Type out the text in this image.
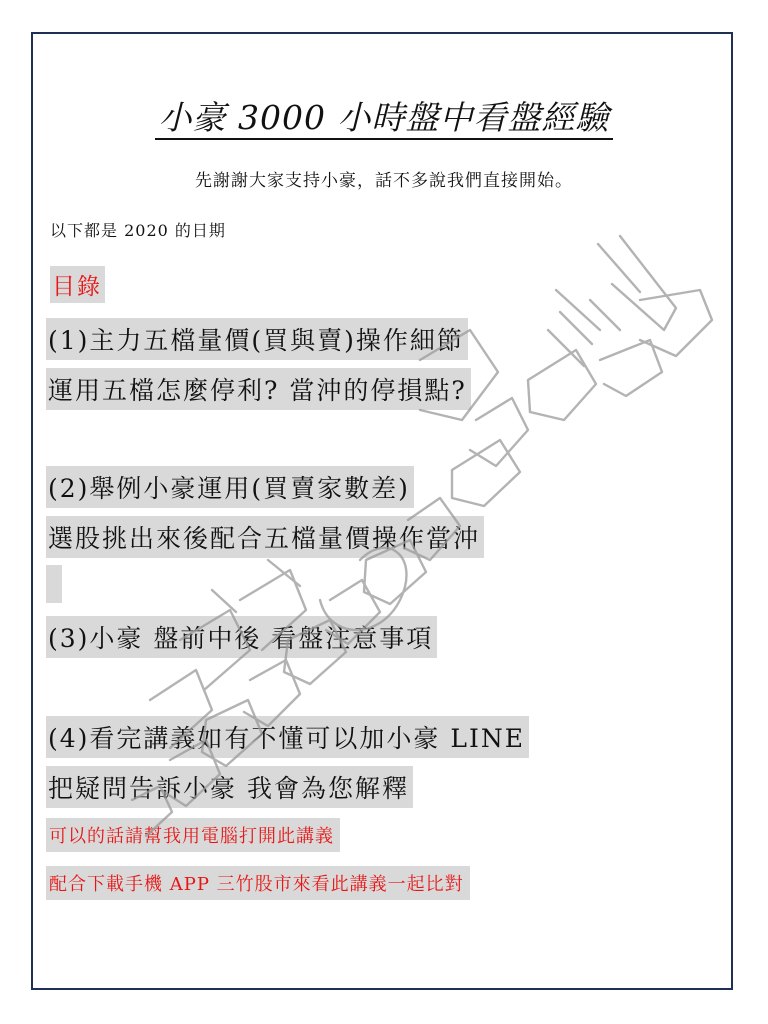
小豪 3000 小時盤中看盤經驗
先謝謝大家支持小豪，話不多說我們直接開始。
以下都是 2020 的日期
目錄
(1)主力五檔量價(買與賣)操作細節
運用五檔怎麼停利? 當沖的停損點?
(2)舉例小豪運用(買賣家數差)
選股挑出來後配合五檔量價操作當沖
(3)小豪 盤前中後 看盤注意事項
(4)看完講義如有不懂可以加小豪 LINE
把疑問告訴小豪 我會為您解釋
可以的話請幫我用電腦打開此講義
配合下載手機 APP 三竹股市來看此講義一起比對
